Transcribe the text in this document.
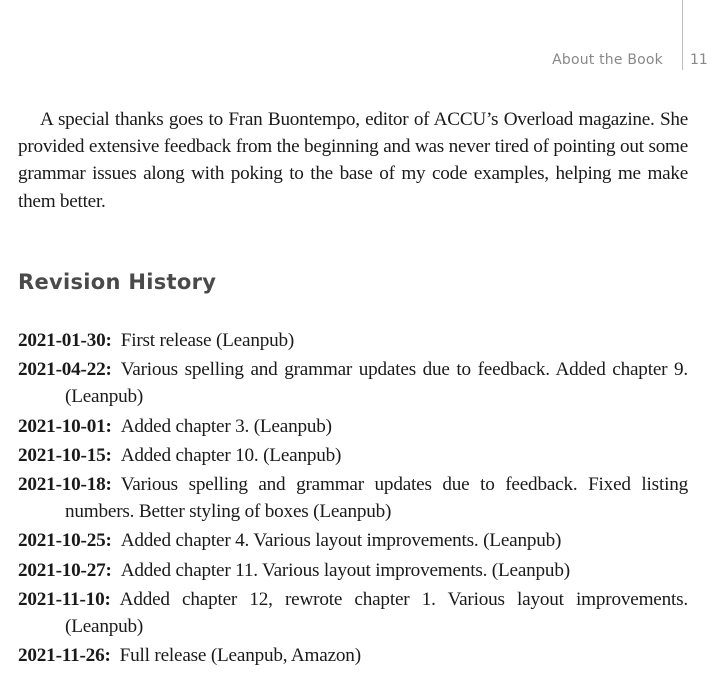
About the Book 11

A special thanks goes to Fran Buontempo, editor of ACCU’s Overload magazine. She provided extensive feedback from the beginning and was never tired of pointing out some grammar issues along with poking to the base of my code examples, helping me make them better.

Revision History
2021-01-30: First release (Leanpub)
2021-04-22: Various spelling and grammar updates due to feedback. Added chapter 9. (Leanpub)
2021-10-01: Added chapter 3. (Leanpub)
2021-10-15: Added chapter 10. (Leanpub)
2021-10-18: Various spelling and grammar updates due to feedback. Fixed listing numbers. Better styling of boxes (Leanpub)
2021-10-25: Added chapter 4. Various layout improvements. (Leanpub)
2021-10-27: Added chapter 11. Various layout improvements. (Leanpub)
2021-11-10: Added chapter 12, rewrote chapter 1. Various layout improvements. (Leanpub)
2021-11-26: Full release (Leanpub, Amazon)
